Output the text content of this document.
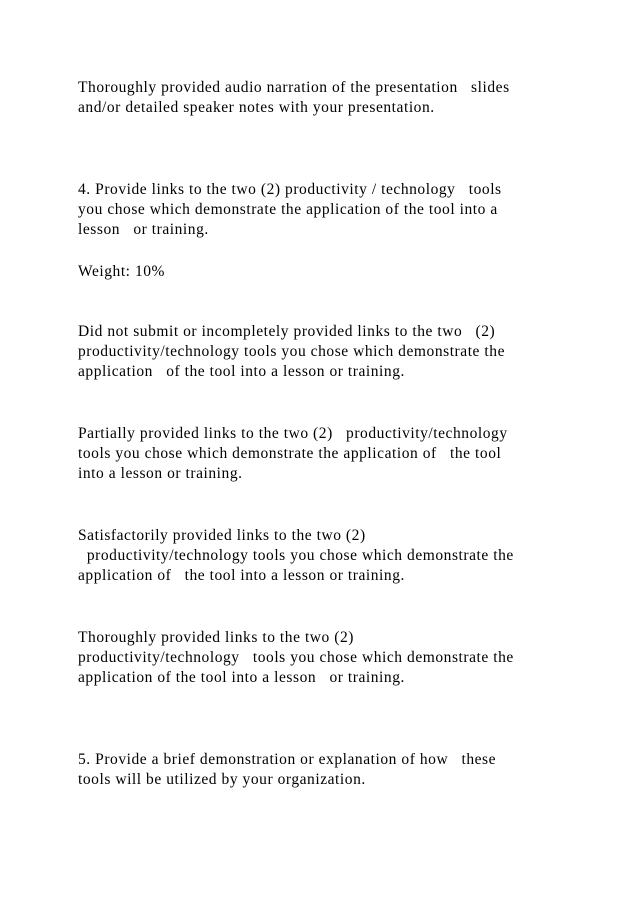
Thoroughly provided audio narration of the presentation   slides

and/or detailed speaker notes with your presentation.

4. Provide links to the two (2) productivity / technology   tools

you chose which demonstrate the application of the tool into a

lesson   or training.

Weight: 10%

Did not submit or incompletely provided links to the two   (2)

productivity/technology tools you chose which demonstrate the

application   of the tool into a lesson or training.

Partially provided links to the two (2)   productivity/technology

tools you chose which demonstrate the application of   the tool

into a lesson or training.

Satisfactorily provided links to the two (2)

productivity/technology tools you chose which demonstrate the

application of   the tool into a lesson or training.

Thoroughly provided links to the two (2)

productivity/technology   tools you chose which demonstrate the

application of the tool into a lesson   or training.

5. Provide a brief demonstration or explanation of how   these

tools will be utilized by your organization.
